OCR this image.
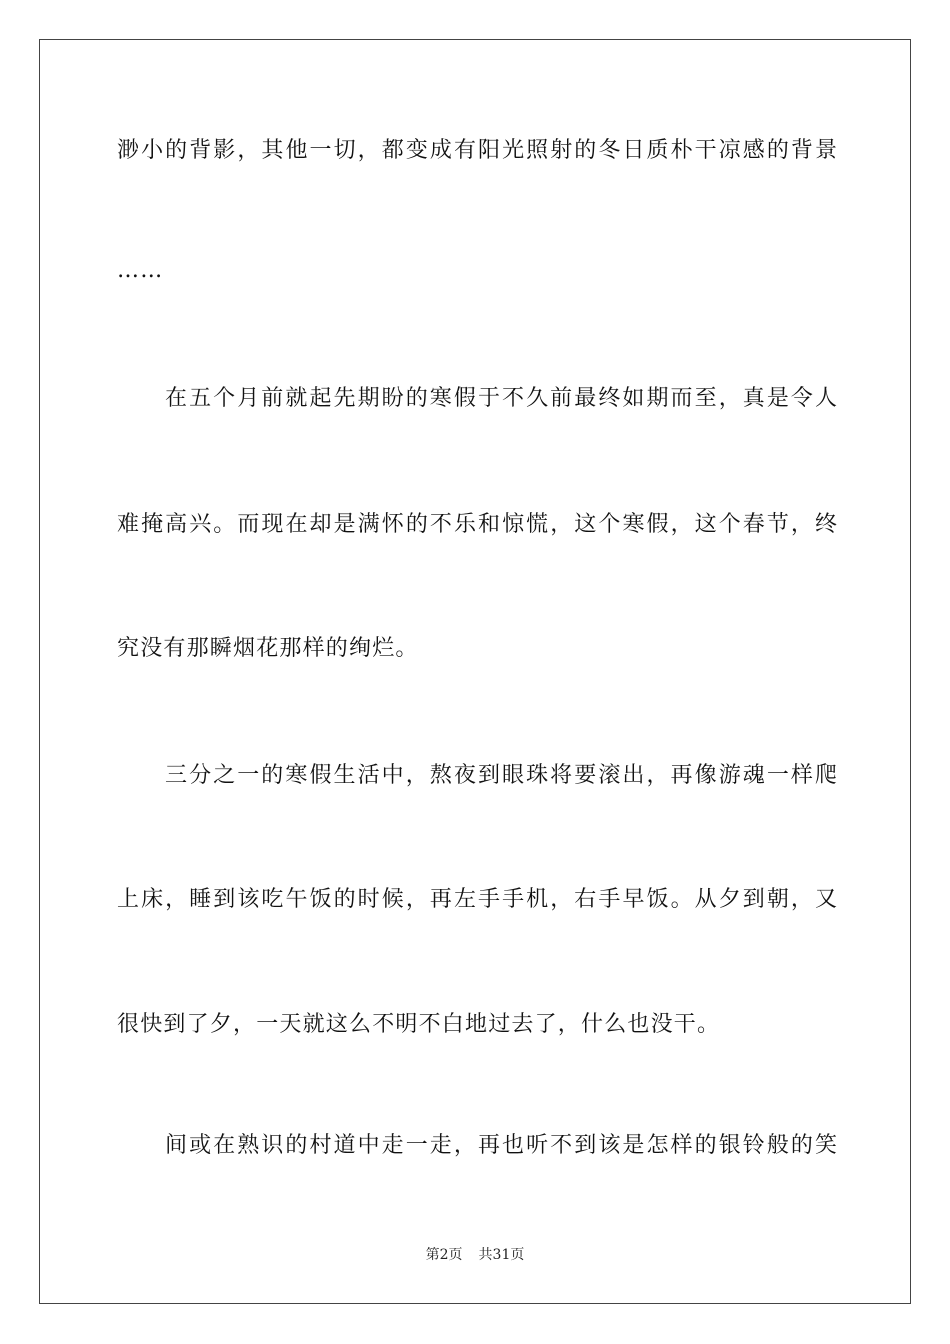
渺小的背影，其他一切，都变成有阳光照射的冬日质朴干凉感的背景
……
在五个月前就起先期盼的寒假于不久前最终如期而至，真是令人
难掩高兴。而现在却是满怀的不乐和惊慌，这个寒假，这个春节，终
究没有那瞬烟花那样的绚烂。
三分之一的寒假生活中，熬夜到眼珠将要滚出，再像游魂一样爬
上床，睡到该吃午饭的时候，再左手手机，右手早饭。从夕到朝，又
很快到了夕，一天就这么不明不白地过去了，什么也没干。
间或在熟识的村道中走一走，再也听不到该是怎样的银铃般的笑
第2页 共31页
